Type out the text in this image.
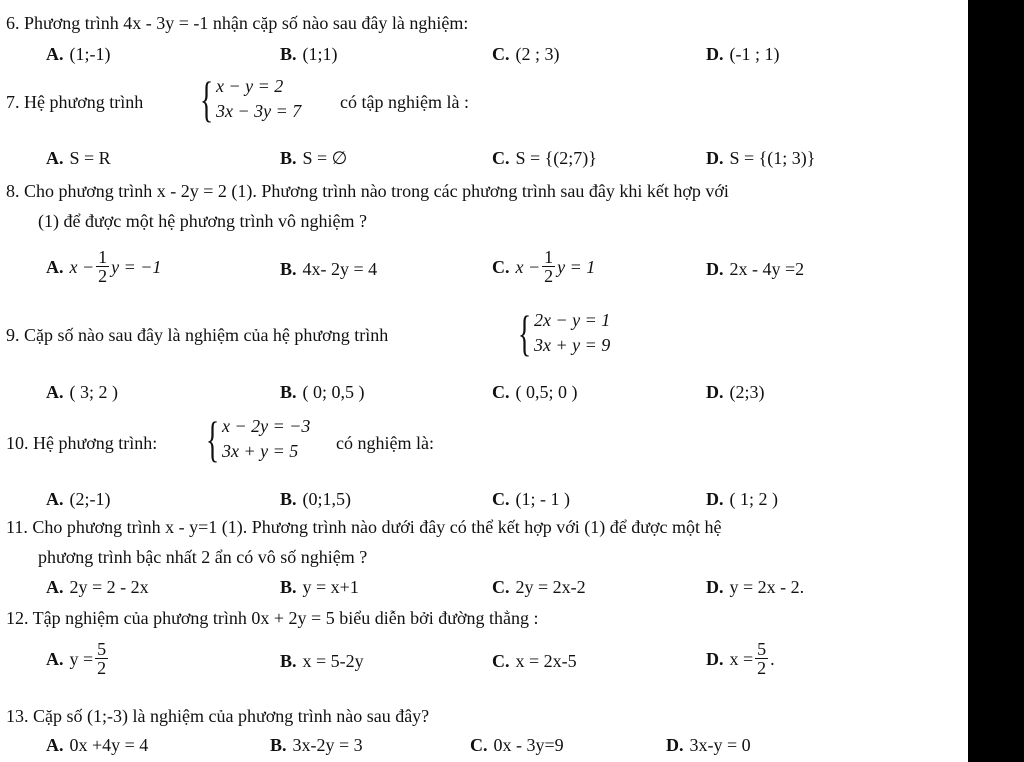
6. Phương trình 4x - 3y = -1 nhận cặp số nào sau đây là nghiệm:
A. (1;-1)	B. (1;1)	C. (2 ; 3)	D. (-1 ; 1)
7. Hệ phương trình { x − y = 2
3x − 3y = 7 có tập nghiệm là :
A. S = R	B. S = ∅	C. S = {(2;7)}	D. S = {(1; 3)}
8. Cho phương trình x - 2y = 2 (1). Phương trình nào trong các phương trình sau đây khi kết hợp với
(1) để được một hệ phương trình vô nghiệm ?
A. $x - \frac{1}{2}$ y = −1	B. 4x- 2y = 4	C. $x - \frac{1}{2}$ y = 1	D. 2x - 4y =2
9. Cặp số nào sau đây là nghiệm của hệ phương trình	{ 2x − y = 1
3x + y = 9
A. ( 3; 2 )	B. ( 0; 0,5 )	C. ( 0,5; 0 )	D. (2;3)
10. Hệ phương trình: { x − 2y = −3
3x + y = 5	có nghiệm là:
A. (2;-1)	B. (0;1,5)	C. (1; - 1 )	D. ( 1; 2 )
11. Cho phương trình x - y=1 (1). Phương trình nào dưới đây có thể kết hợp với (1) để được một hệ
phương trình bậc nhất 2 ẩn có vô số nghiệm ?
A. 2y = 2 - 2x	B. y = x+1	C. 2y = 2x-2	D. y = 2x - 2.
12. Tập nghiệm của phương trình 0x + 2y = 5 biểu diễn bởi đường thẳng :
A. $y = \frac{5}{2}$	B. x = 5-2y	C. x = 2x-5	D. $x = \frac{5}{2}$ .
13. Cặp số (1;-3) là nghiệm của phương trình nào sau đây?
A. 0x +4y = 4	B. 3x-2y = 3	C. 0x - 3y=9	D. 3x-y = 0
